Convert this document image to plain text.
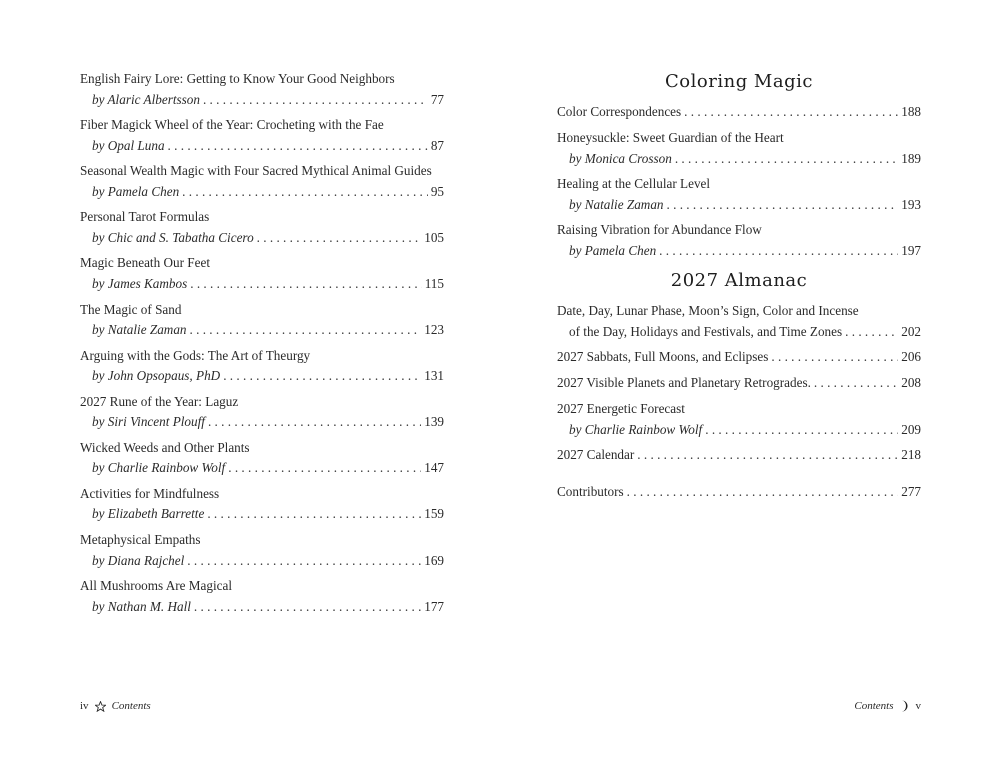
English Fairy Lore: Getting to Know Your Good Neighbors
by Alaric Albertsson . . .	77
Fiber Magick Wheel of the Year: Crocheting with the Fae
by Opal Luna . . .	87
Seasonal Wealth Magic with Four Sacred Mythical Animal Guides
by Pamela Chen . . .	95
Personal Tarot Formulas
by Chic and S. Tabatha Cicero . . .	105
Magic Beneath Our Feet
by James Kambos . . .	115
The Magic of Sand
by Natalie Zaman . . .	123
Arguing with the Gods: The Art of Theurgy
by John Opsopaus, PhD . . .	131
2027 Rune of the Year: Laguz
by Siri Vincent Plouff . . .	139
Wicked Weeds and Other Plants
by Charlie Rainbow Wolf . . .	147
Activities for Mindfulness
by Elizabeth Barrette . . .	159
Metaphysical Empaths
by Diana Rajchel . . .	169
All Mushrooms Are Magical
by Nathan M. Hall . . .	177
Coloring Magic
Color Correspondences . . .	188
Honeysuckle: Sweet Guardian of the Heart
by Monica Crosson . . .	189
Healing at the Cellular Level
by Natalie Zaman . . .	193
Raising Vibration for Abundance Flow
by Pamela Chen . . .	197
2027 Almanac
Date, Day, Lunar Phase, Moon’s Sign, Color and Incense
of the Day, Holidays and Festivals, and Time Zones . . .	202
2027 Sabbats, Full Moons, and Eclipses . . .	206
2027 Visible Planets and Planetary Retrogrades. . . .	208
2027 Energetic Forecast
by Charlie Rainbow Wolf . . .	209
2027 Calendar . . .	218
Contributors . . .	277
iv Contents	Contents v
